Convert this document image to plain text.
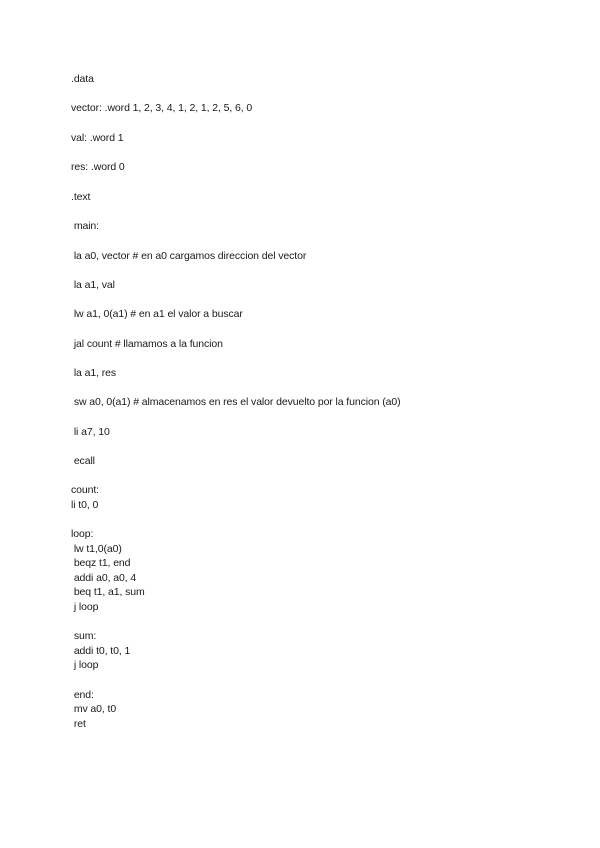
.data

vector: .word 1, 2, 3, 4, 1, 2, 1, 2, 5, 6, 0

val: .word 1

res: .word 0

.text

main:

la a0, vector # en a0 cargamos direccion del vector

la a1, val

lw a1, 0(a1) # en a1 el valor a buscar

jal count # llamamos a la funcion

la a1, res

sw a0, 0(a1) # almacenamos en res el valor devuelto por la funcion (a0)

li a7, 10

ecall

count:

li t0, 0

loop:

lw t1,0(a0)

beqz t1, end

addi a0, a0, 4

beq t1, a1, sum

j loop

sum:

addi t0, t0, 1

j loop

end:

mv a0, t0

ret
